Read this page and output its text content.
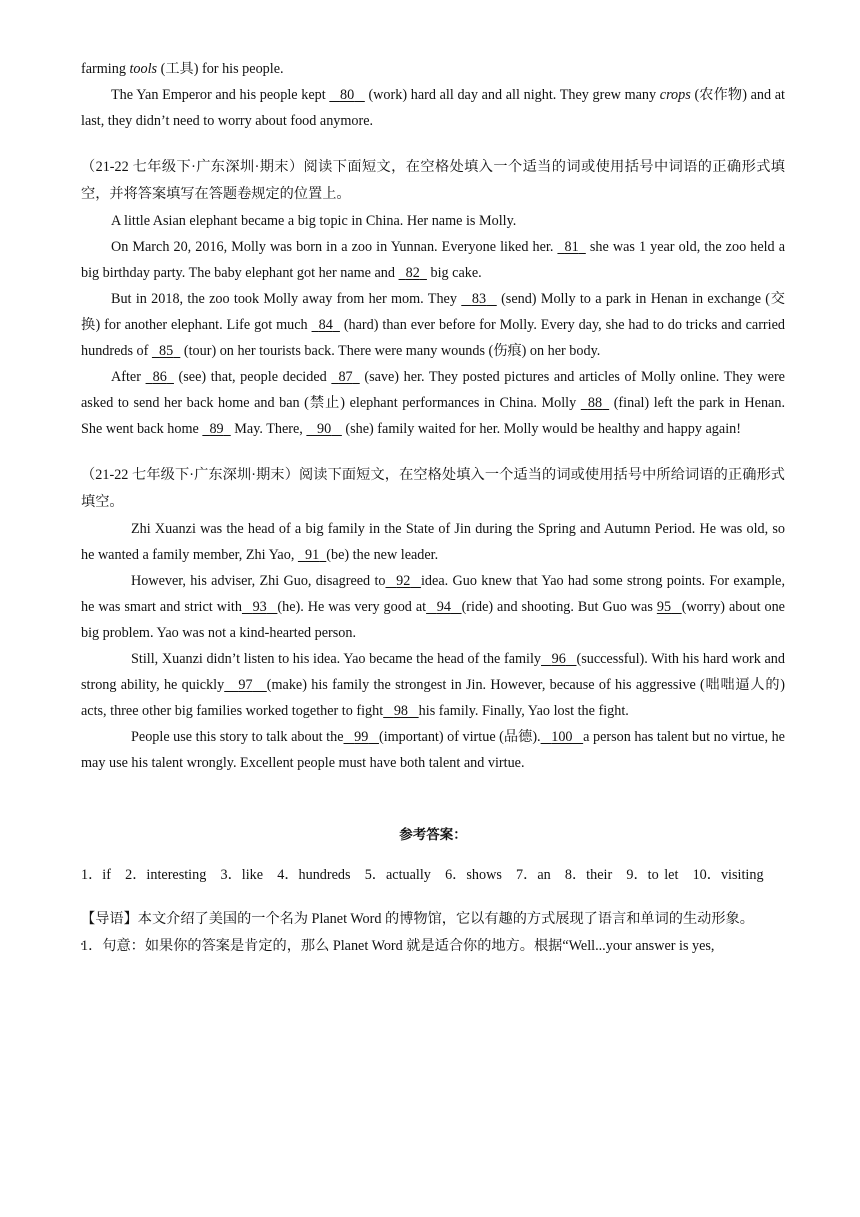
farming tools (工具) for his people.

The Yan Emperor and his people kept    80    (work) hard all day and all night. They grew many crops (农作物) and at last, they didn’t need to worry about food anymore.

（21-22 七年级下·广东深圳·期末）阅读下面短文，在空格处填入一个适当的词或使用括号中词语的正确形式填空，并将答案填写在答题卷规定的位置上。

A little Asian elephant became a big topic in China. Her name is Molly.

On March 20, 2016, Molly was born in a zoo in Yunnan. Everyone liked her.   81   she was 1 year old, the zoo held a big birthday party. The baby elephant got her name and   82   big cake.

But in 2018, the zoo took Molly away from her mom. They    83    (send) Molly to a park in Henan in exchange (交换) for another elephant. Life got much   84   (hard) than ever before for Molly. Every day, she had to do tricks and carried hundreds of   85   (tour) on her tourists back. There were many wounds (伤痕) on her body.

After   86   (see) that, people decided   87   (save) her. They posted pictures and articles of Molly online. They were asked to send her back home and ban (禁止) elephant performances in China. Molly   88   (final) left the park in Henan. She went back home   89   May. There,    90    (she) family waited for her. Molly would be healthy and happy again!

（21-22 七年级下·广东深圳·期末）阅读下面短文，在空格处填入一个适当的词或使用括号中所给词语的正确形式填空。

Zhi Xuanzi was the head of a big family in the State of Jin during the Spring and Autumn Period. He was old, so he wanted a family member, Zhi Yao,   91 (be) the new leader.

However, his adviser, Zhi Guo, disagreed to 92 idea. Guo knew that Yao had some strong points. For example, he was smart and strict with 93 (he). He was very good at 94 (ride) and shooting. But Guo was 95 (worry) about one big problem. Yao was not a kind-hearted person.

Still, Xuanzi didn’t listen to his idea. Yao became the head of the family 96 (successful). With his hard work and strong ability, he quickly 97 (make) his family the strongest in Jin. However, because of his aggressive (咄咄逼人的) acts, three other big families worked together to fight 98 his family. Finally, Yao lost the fight.

People use this story to talk about the 99 (important) of virtue (品德). 100 a person has talent but no virtue, he may use his talent wrongly. Excellent people must have both talent and virtue.

参考答案：

1．if　2．interesting　3．like　4．hundreds　5．actually　6．shows　7．an　8．their　9．to let　10．visiting

【导语】本文介绍了美国的一个名为 Planet Word 的博物馆，它以有趣的方式展现了语言和单词的生动形象。

1．句意：如果你的答案是肯定的，那么 Planet Word 就是适合你的地方。根据“Well...your answer is yes,
